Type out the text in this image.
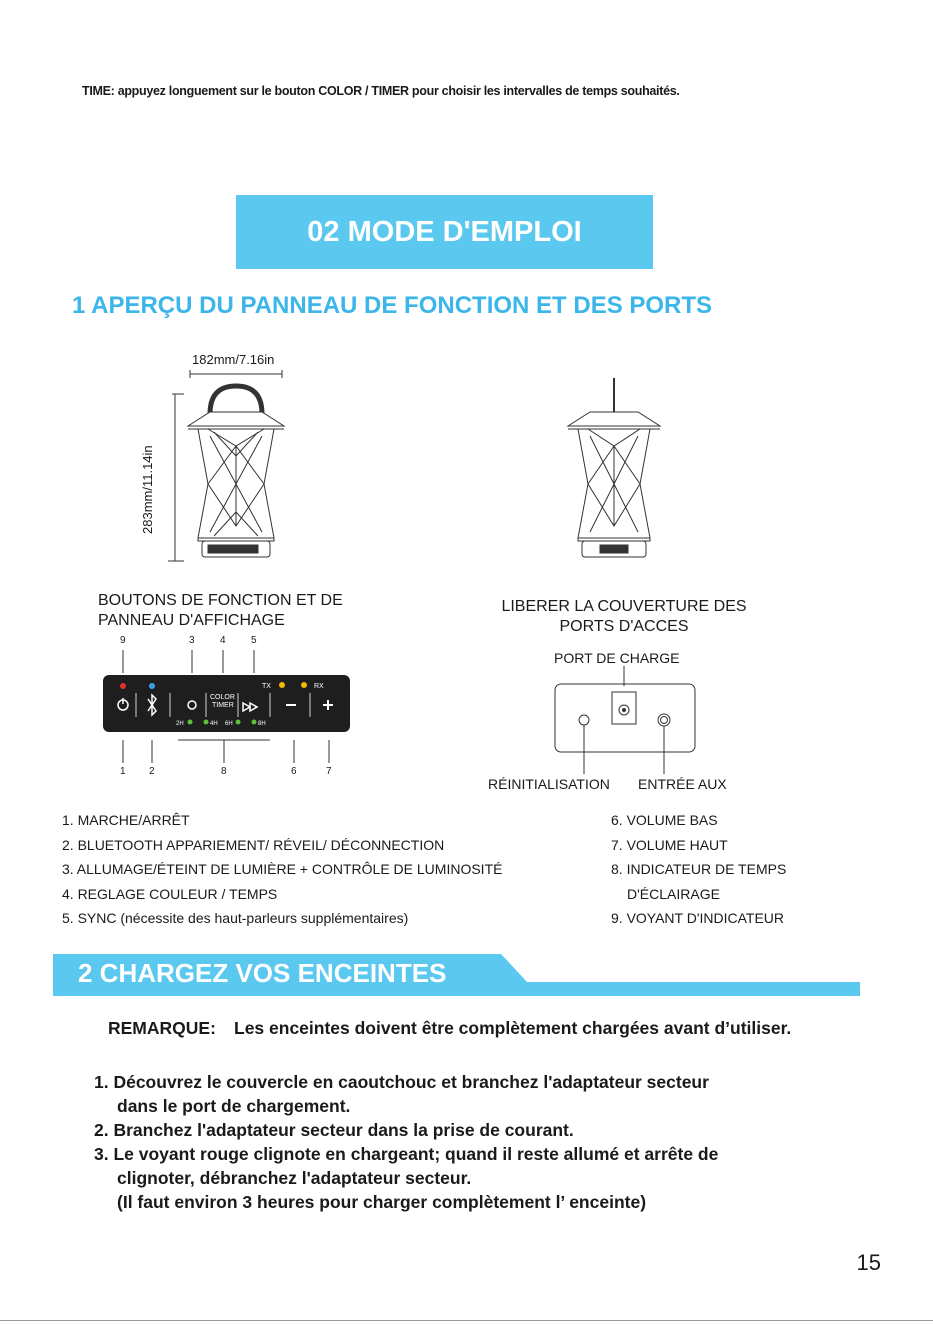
TIME: appuyez longuement sur le bouton COLOR / TIMER pour choisir les intervalles de temps souhaités.
02 MODE D'EMPLOI
1 APERÇU DU PANNEAU DE FONCTION ET DES PORTS
182mm/7.16in
283mm/11.14in
BOUTONS DE FONCTION ET DE
PANNEAU D'AFFICHAGE
LIBERER LA COUVERTURE DES
PORTS D'ACCES
9	3	4	5
COLOR
TIMER
TX	RX
2H	4H 6H	8H
1 2	8	6	7
PORT DE CHARGE
RÉINITIALISATION ENTRÉE AUX
1. MARCHE/ARRÊT
2. BLUETOOTH APPARIEMENT/ RÉVEIL/ DÉCONNECTION
3. ALLUMAGE/ÉTEINT DE LUMIÈRE + CONTRÔLE DE LUMINOSITÉ
4. REGLAGE COULEUR / TEMPS
5. SYNC (nécessite des haut-parleurs supplémentaires)
6. VOLUME BAS
7. VOLUME HAUT
8. INDICATEUR DE TEMPS
D'ÉCLAIRAGE
9. VOYANT D'INDICATEUR
2 CHARGEZ VOS ENCEINTES
REMARQUE: Les enceintes doivent être complètement chargées avant d’utiliser.
1. Découvrez le couvercle en caoutchouc et branchez l'adaptateur secteur
dans le port de chargement.
2. Branchez l'adaptateur secteur dans la prise de courant.
3. Le voyant rouge clignote en chargeant; quand il reste allumé et arrête de
clignoter, débranchez l'adaptateur secteur.
(Il faut environ 3 heures pour charger complètement l’ enceinte)
15
